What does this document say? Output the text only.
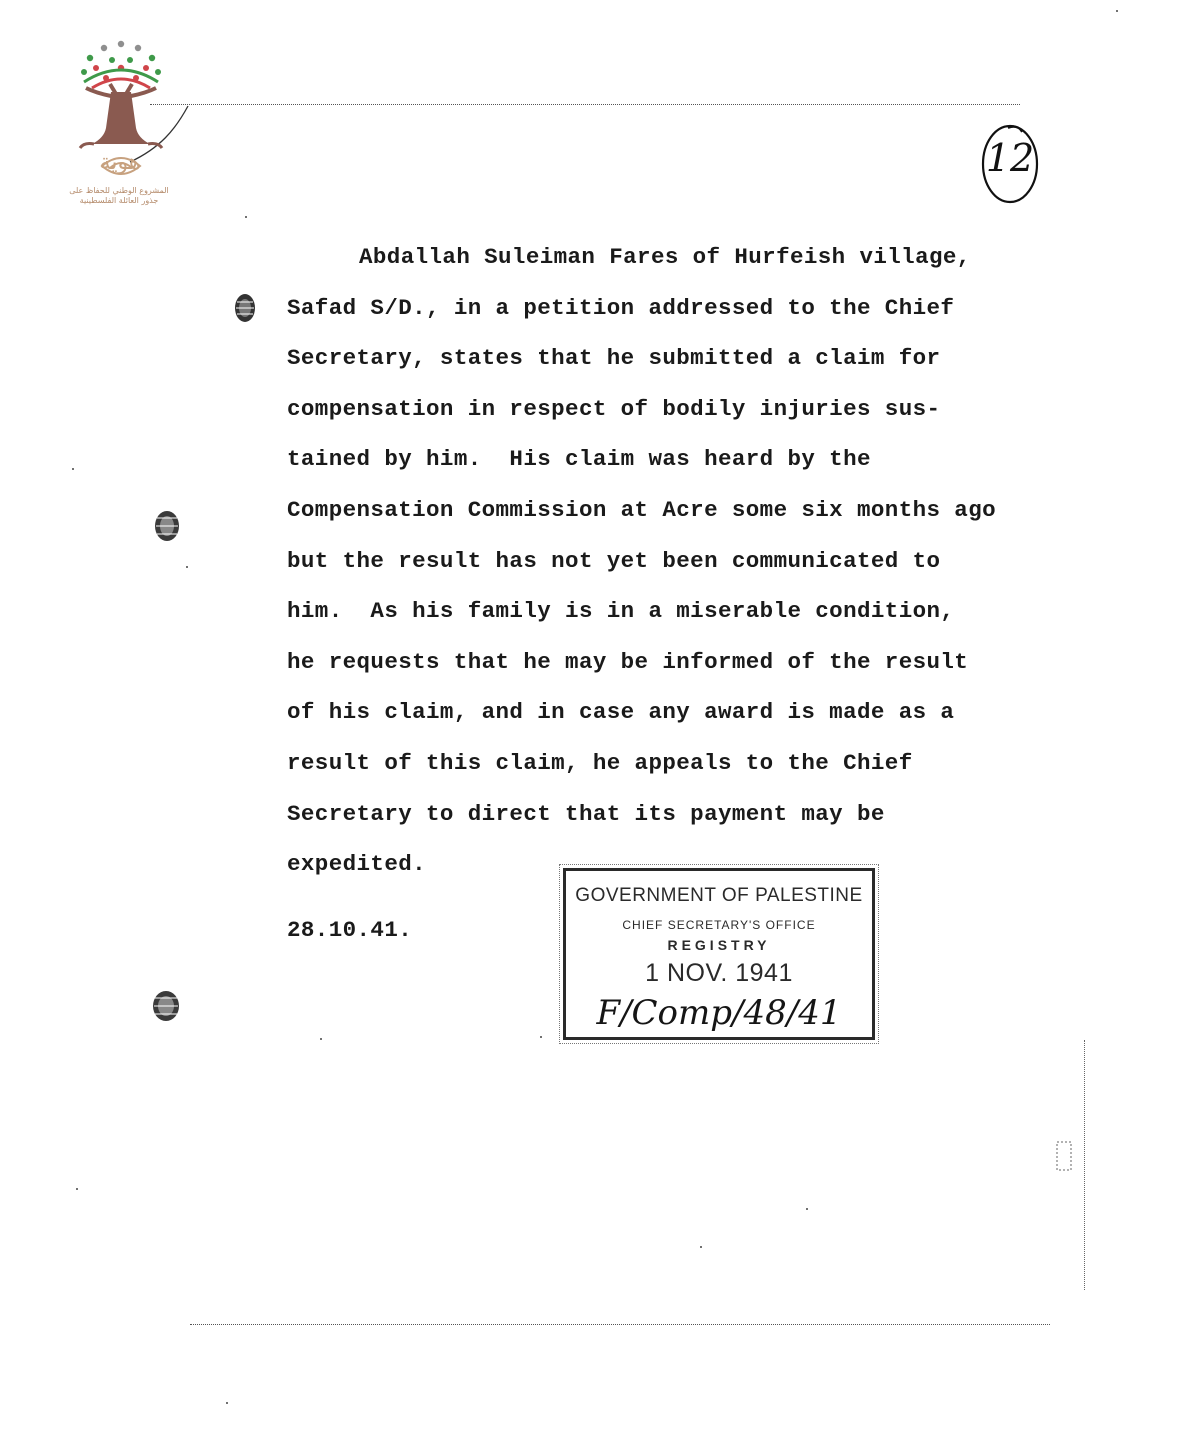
المشروع الوطني للحفاظ على
جذور العائلة الفلسطينية
هوية	12
Abdallah Suleiman Fares of Hurfeish village,
Safad S/D., in a petition addressed to the Chief
Secretary, states that he submitted a claim for
compensation in respect of bodily injuries sus-
tained by him.  His claim was heard by the
Compensation Commission at Acre some six months ago
but the result has not yet been communicated to
him.  As his family is in a miserable condition,
he requests that he may be informed of the result
of his claim, and in case any award is made as a
result of this claim, he appeals to the Chief
Secretary to direct that its payment may be
expedited.
28.10.41.
GOVERNMENT OF PALESTINE
CHIEF SECRETARY'S OFFICE
REGISTRY
1 NOV. 1941
F/Comp/48/41
